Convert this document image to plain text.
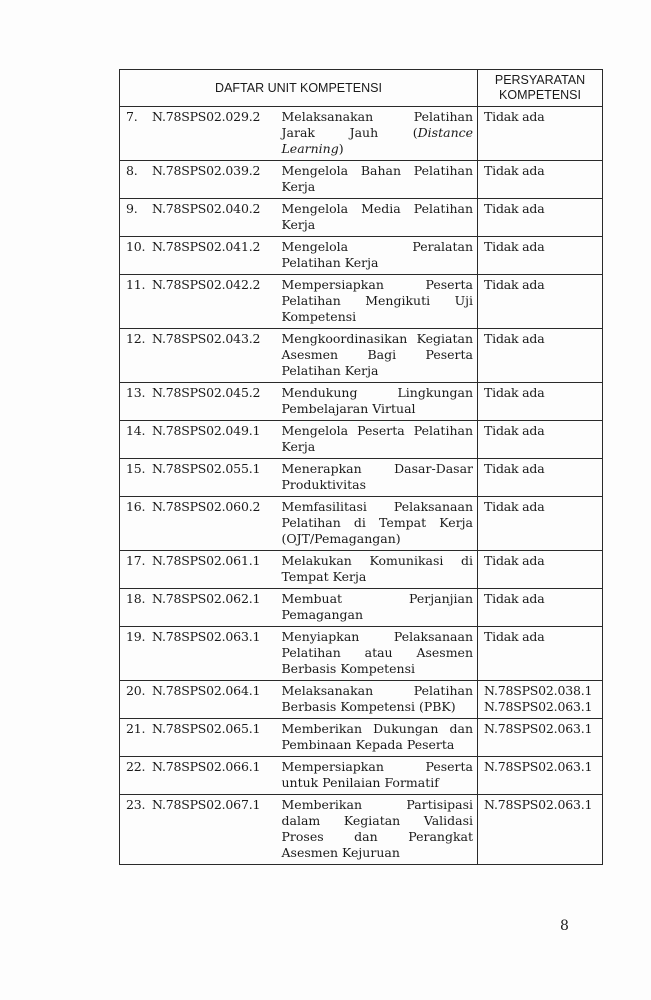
DAFTAR UNIT KOMPETENSI		PERSYARATAN KOMPETENSI
7. N.78SPS02.029.2	Melaksanakan Pelatihan Jarak Jauh (Distance Learning)	Tidak ada

8. N.78SPS02.039.2	Mengelola Bahan Pelatihan Kerja	Tidak ada

9. N.78SPS02.040.2	Mengelola Media Pelatihan Kerja	Tidak ada

10. N.78SPS02.041.2	Mengelola Peralatan Pelatihan Kerja	Tidak ada

11. N.78SPS02.042.2	Mempersiapkan Peserta Pelatihan Mengikuti Uji Kompetensi	Tidak ada

12. N.78SPS02.043.2	Mengkoordinasikan Kegiatan Asesmen Bagi Peserta Pelatihan Kerja	Tidak ada

13. N.78SPS02.045.2	Mendukung Lingkungan Pembelajaran Virtual	Tidak ada

14. N.78SPS02.049.1	Mengelola Peserta Pelatihan Kerja	Tidak ada

15. N.78SPS02.055.1	Menerapkan Dasar-Dasar Produktivitas	Tidak ada

16. N.78SPS02.060.2	Memfasilitasi Pelaksanaan Pelatihan di Tempat Kerja (OJT/Pemagangan)	Tidak ada

17. N.78SPS02.061.1	Melakukan Komunikasi di Tempat Kerja	Tidak ada

18. N.78SPS02.062.1	Membuat Perjanjian Pemagangan	Tidak ada

19. N.78SPS02.063.1	Menyiapkan Pelaksanaan Pelatihan atau Asesmen Berbasis Kompetensi	Tidak ada

20. N.78SPS02.064.1	Melaksanakan Pelatihan Berbasis Kompetensi (PBK)	N.78SPS02.038.1
N.78SPS02.063.1

21. N.78SPS02.065.1	Memberikan Dukungan dan Pembinaan Kepada Peserta	N.78SPS02.063.1

22. N.78SPS02.066.1	Mempersiapkan Peserta untuk Penilaian Formatif	N.78SPS02.063.1

23. N.78SPS02.067.1	Memberikan Partisipasi dalam Kegiatan Validasi Proses dan Perangkat Asesmen Kejuruan	N.78SPS02.063.1
8
